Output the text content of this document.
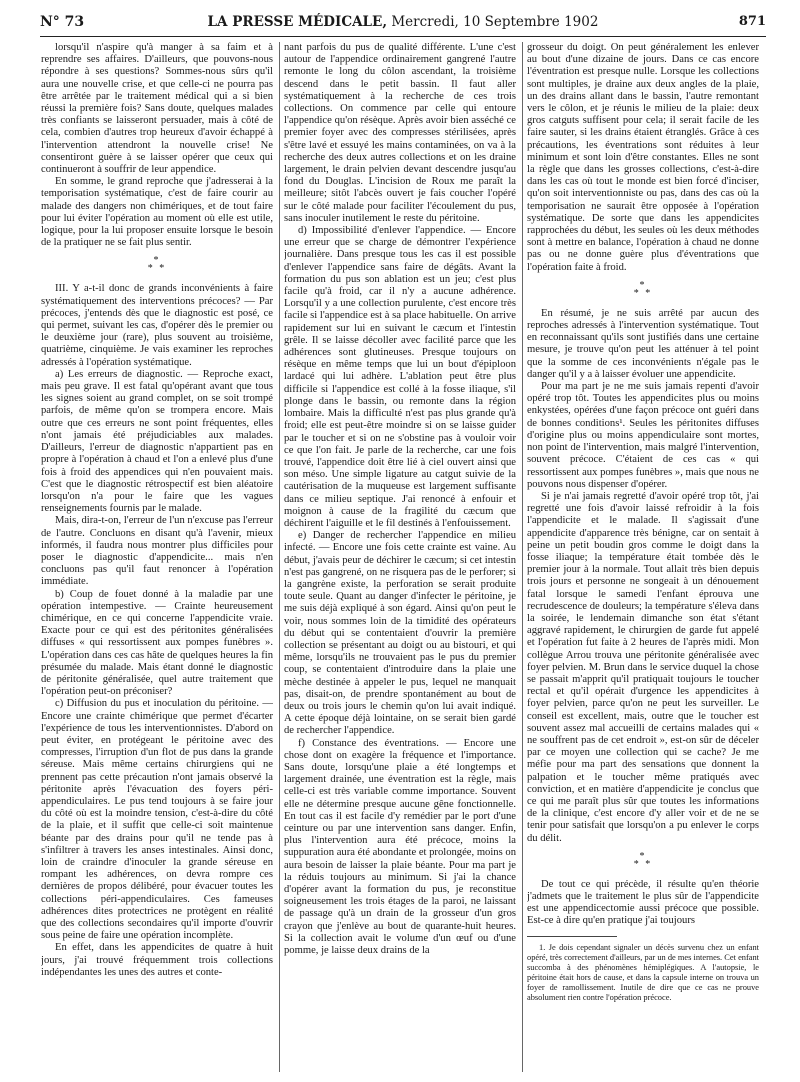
N° 73	LA PRESSE MÉDICALE, Mercredi, 10 Septembre 1902	871

lorsqu'il n'aspire qu'à manger à sa faim et à reprendre ses affaires. D'ailleurs, que pouvons-nous répondre à ses questions? Sommes-nous sûrs qu'il aura une nouvelle crise, et que celle-ci ne pourra pas être arrêtée par le traitement médical qui a si bien réussi la première fois? Sans doute, quelques malades très confiants se laisseront persuader, mais à côté de cela, combien d'autres trop heureux d'avoir échappé à l'intervention attendront la nouvelle crise! Ne consentiront guère à se laisser opérer que ceux qui continueront à souffrir de leur appendice.

En somme, le grand reproche que j'adresserai à la temporisation systématique, c'est de faire courir au malade des dangers non chimériques, et de tout faire pour lui éviter l'opération au moment où elle est utile, logique, pour la lui proposer ensuite lorsque le besoin de la pratiquer ne se fait plus sentir.

*
* *

III. Y a-t-il donc de grands inconvénients à faire systématiquement des interventions précoces? — Par précoces, j'entends dès que le diagnostic est posé, ce qui permet, suivant les cas, d'opérer dès le premier ou le deuxième jour (rare), plus souvent au troisième, quatrième, cinquième. Je vais examiner les reproches adressés à l'opération systématique.

a) Les erreurs de diagnostic. — Reproche exact, mais peu grave. Il est fatal qu'opérant avant que tous les signes soient au grand complet, on se soit trompé parfois, de même qu'on se trompera encore. Mais outre que ces erreurs ne sont point fréquentes, elles n'ont jamais été préjudiciables aux malades. D'ailleurs, l'erreur de diagnostic n'appartient pas en propre à l'opération à chaud et l'on a enlevé plus d'une fois à froid des appendices qui n'en pouvaient mais. C'est que le diagnostic rétrospectif est bien aléatoire lorsqu'on n'a pour le faire que les vagues renseignements fournis par le malade.

Mais, dira-t-on, l'erreur de l'un n'excuse pas l'erreur de l'autre. Concluons en disant qu'à l'avenir, mieux informés, il faudra nous montrer plus difficiles pour poser le diagnostic d'appendicite... mais n'en concluons pas qu'il faut renoncer à l'opération immédiate.

b) Coup de fouet donné à la maladie par une opération intempestive. — Crainte heureusement chimérique, en ce qui concerne l'appendicite vraie. Exacte pour ce qui est des péritonites généralisées diffuses « qui ressortissent aux pompes funèbres ». L'opération dans ces cas hâte de quelques heures la fin présumée du malade. Mais étant donné le diagnostic de péritonite généralisée, quel autre traitement que l'opération peut-on préconiser?

c) Diffusion du pus et inoculation du péritoine. — Encore une crainte chimérique que permet d'écarter l'expérience de tous les interventionnistes. D'abord on peut éviter, en protégeant le péritoine avec des compresses, l'irruption d'un flot de pus dans la grande séreuse. Mais même certains chirurgiens qui ne prennent pas cette précaution n'ont jamais observé la péritonite après l'évacuation des foyers péri-appendiculaires. Le pus tend toujours à se faire jour du côté où est la moindre tension, c'est-à-dire du côté de la plaie, et il suffit que celle-ci soit maintenue béante par des drains pour qu'il ne tende pas à s'infiltrer à travers les anses intestinales. Ainsi donc, loin de craindre d'inoculer la grande séreuse en rompant les adhérences, on devra rompre ces dernières de propos délibéré, pour évacuer toutes les collections péri-appendiculaires. Ces fameuses adhérences dites protectrices ne protègent en réalité que des collections secondaires qu'il importe d'ouvrir sous peine de faire une opération incomplète.

En effet, dans les appendicites de quatre à huit jours, j'ai trouvé fréquemment trois collections indépendantes les unes des autres et conte-

nant parfois du pus de qualité différente. L'une c'est autour de l'appendice ordinairement gangrené l'autre remonte le long du côlon ascendant, la troisième descend dans le petit bassin. Il faut aller systématiquement à la recherche de ces trois collections. On commence par celle qui entoure l'appendice qu'on résèque. Après avoir bien asséché ce premier foyer avec des compresses stérilisées, après s'être lavé et essuyé les mains contaminées, on va à la recherche des deux autres collections et on les draine largement, le drain pelvien devant descendre jusqu'au fond du Douglas. L'incision de Roux me paraît la meilleure; sitôt l'abcès ouvert je fais coucher l'opéré sur le côté malade pour faciliter l'écoulement du pus, sans inoculer inutilement le reste du péritoine.

d) Impossibilité d'enlever l'appendice. — Encore une erreur que se charge de démontrer l'expérience journalière. Dans presque tous les cas il est possible d'enlever l'appendice sans faire de dégâts. Avant la formation du pus son ablation est un jeu; c'est plus facile qu'à froid, car il n'y a aucune adhérence. Lorsqu'il y a une collection purulente, c'est encore très facile si l'appendice est à sa place habituelle. On arrive rapidement sur lui en suivant le cæcum et l'intestin grêle. Il se laisse décoller avec facilité parce que les adhérences sont glutineuses. Presque toujours on résèque en même temps que lui un bout d'épiploon lardacé qui lui adhère. L'ablation peut être plus difficile si l'appendice est collé à la fosse iliaque, s'il plonge dans le bassin, ou remonte dans la région lombaire. Mais la difficulté n'est pas plus grande qu'à froid; elle est peut-être moindre si on se laisse guider par le toucher et si on ne s'obstine pas à vouloir voir ce que l'on fait. Je parle de la recherche, car une fois trouvé, l'appendice doit être lié à ciel ouvert ainsi que son méso. Une simple ligature au catgut suivie de la cautérisation de la muqueuse est largement suffisante dans ce milieu septique. J'ai renoncé à enfouir et moignon à cause de la fragilité du cæcum que déchirent l'aiguille et le fil destinés à l'enfouissement.

e) Danger de rechercher l'appendice en milieu infecté. — Encore une fois cette crainte est vaine. Au début, j'avais peur de déchirer le cæcum; si cet intestin n'est pas gangrené, on ne risquera pas de le perforer; si la gangrène existe, la perforation se serait produite toute seule. Quant au danger d'infecter le péritoine, je me suis déjà expliqué à son égard. Ainsi qu'on peut le voir, nous sommes loin de la timidité des opérateurs du début qui se contentaient d'ouvrir la première collection se présentant au doigt ou au bistouri, et qui même, lorsqu'ils ne trouvaient pas le pus du premier coup, se contentaient d'introduire dans la plaie une mèche destinée à appeler le pus, lequel ne manquait pas, disait-on, de prendre spontanément au bout de deux ou trois jours le chemin qu'on lui avait indiqué. A cette époque déjà lointaine, on se serait bien gardé de rechercher l'appendice.

f) Constance des éventrations. — Encore une chose dont on exagère la fréquence et l'importance. Sans doute, lorsqu'une plaie a été longtemps et largement drainée, une éventration est la règle, mais celle-ci est très variable comme importance. Souvent elle ne détermine presque aucune gêne fonctionnelle. En tout cas il est facile d'y remédier par le port d'une ceinture ou par une intervention sans danger. Enfin, plus l'intervention aura été précoce, moins la suppuration aura été abondante et prolongée, moins on aura besoin de laisser la plaie béante. Pour ma part je la réduis toujours au minimum. Si j'ai la chance d'opérer avant la formation du pus, je reconstitue soigneusement les trois étages de la paroi, ne laissant de passage qu'à un drain de la grosseur d'un gros crayon que j'enlève au bout de quarante-huit heures. Si la collection avait le volume d'un œuf ou d'une pomme, je laisse deux drains de la

grosseur du doigt. On peut généralement les enlever au bout d'une dizaine de jours. Dans ce cas encore l'éventration est presque nulle. Lorsque les collections sont multiples, je draine aux deux angles de la plaie, un des drains allant dans le bassin, l'autre remontant vers le côlon, et je réunis le milieu de la plaie: deux gros catguts suffisent pour cela; il serait facile de les faire sauter, si les drains étaient étranglés. Grâce à ces précautions, les éventrations sont réduites à leur minimum et sont loin d'être constantes. Elles ne sont la règle que dans les grosses collections, c'est-à-dire dans les cas où tout le monde est bien forcé d'inciser, qu'on soit interventionniste ou pas, dans des cas où la temporisation ne saurait être opposée à l'opération systématique. De sorte que dans les appendicites rapprochées du début, les seules où les deux méthodes sont à mettre en balance, l'opération à chaud ne donne pas ou ne donne guère plus d'éventrations que l'opération faite à froid.

*
* *

En résumé, je ne suis arrêté par aucun des reproches adressés à l'intervention systématique. Tout en reconnaissant qu'ils sont justifiés dans une certaine mesure, je trouve qu'on peut les atténuer à tel point que la somme de ces inconvénients n'égale pas le danger qu'il y a à laisser évoluer une appendicite.

Pour ma part je ne me suis jamais repenti d'avoir opéré trop tôt. Toutes les appendicites plus ou moins enkystées, opérées d'une façon précoce ont guéri dans de bonnes conditions¹. Seules les péritonites diffuses d'origine plus ou moins appendiculaire sont mortes, non point de l'intervention, mais malgré l'intervention, souvent précoce. C'étaient de ces cas « qui ressortissent aux pompes funèbres », mais que nous ne pouvons nous dispenser d'opérer.

Si je n'ai jamais regretté d'avoir opéré trop tôt, j'ai regretté une fois d'avoir laissé refroidir à la fois l'appendicite et le malade. Il s'agissait d'une appendicite d'apparence très bénigne, car on sentait à peine un petit boudin gros comme le doigt dans la fosse iliaque; la température était tombée dès le premier jour à la normale. Tout allait très bien depuis trois jours et personne ne songeait à un dénouement fatal lorsque le samedi l'enfant éprouva une recrudescence de douleurs; la température s'éleva dans la soirée, le lendemain dimanche son état s'étant aggravé rapidement, le chirurgien de garde fut appelé et l'opération fut faite à 2 heures de l'après midi. Mon collègue Arrou trouva une péritonite généralisée avec foyer pelvien. M. Brun dans le service duquel la chose se passait m'apprit qu'il pratiquait toujours le toucher rectal et qu'il opérait d'urgence les appendicites à foyer pelvien, parce qu'on ne peut les surveiller. Le conseil est excellent, mais, outre que le toucher est souvent assez mal accueilli de certains malades qui « ne souffrent pas de cet endroit », est-on sûr de déceler par ce moyen une collection qui se cache? Je me méfie pour ma part des sensations que donnent la palpation et le toucher même pratiqués avec conviction, et en matière d'appendicite je conclus que ce qui me paraît plus sûr que toutes les informations de la clinique, c'est encore d'y aller voir et de ne se tenir pour satisfait que lorsqu'on a pu enlever le corps du délit.

*
* *

De tout ce qui précède, il résulte qu'en théorie j'admets que le traitement le plus sûr de l'appendicite est une appendicectomie aussi précoce que possible. Est-ce à dire qu'en pratique j'ai toujours

1. Je dois cependant signaler un décès survenu chez un enfant opéré, très correctement d'ailleurs, par un de mes internes. Cet enfant succomba à des phénomènes hémiplégiques. A l'autopsie, le péritoine était hors de cause, et dans la capsule interne on trouva un foyer de ramollissement. Inutile de dire que ce cas ne prouve absolument rien contre l'opération précoce.
